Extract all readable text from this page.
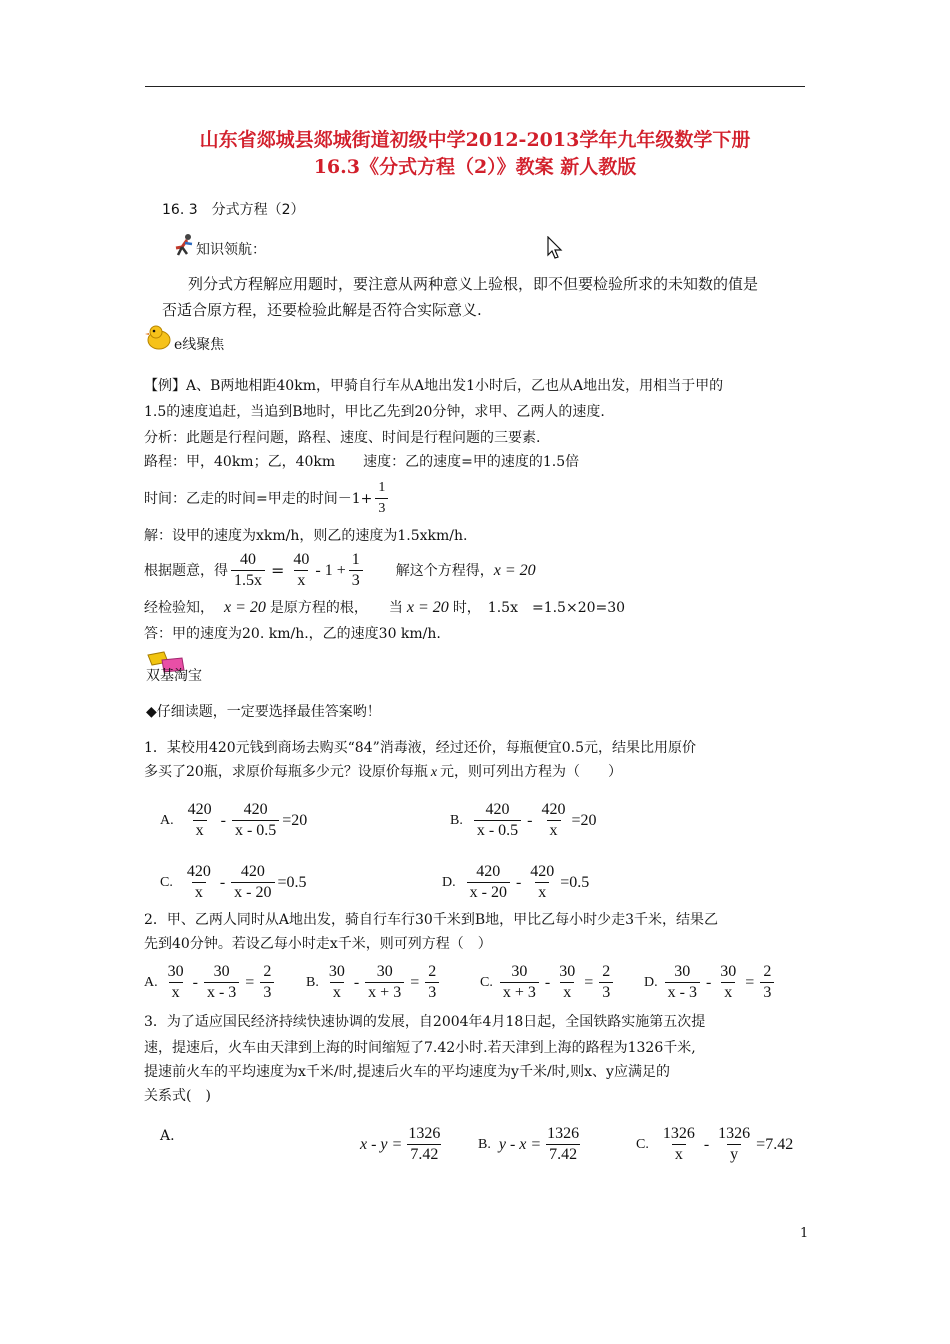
山东省郯城县郯城街道初级中学2012-2013学年九年级数学下册
16.3《分式方程（2）》教案 新人教版
16. 3　分式方程（2）
知识领航：
列分式方程解应用题时，要注意从两种意义上验根，即不但要检验所求的未知数的值是
否适合原方程，还要检验此解是否符合实际意义.
e线聚焦
【例】A、B两地相距40km，甲骑自行车从A地出发1小时后，乙也从A地出发，用相当于甲的
1.5的速度追赶，当追到B地时，甲比乙先到20分钟，求甲、乙两人的速度.
分析：此题是行程问题，路程、速度、时间是行程问题的三要素.
路程：甲，40km；乙，40km　　速度：乙的速度=甲的速度的1.5倍
时间：乙走的时间=甲走的时间$-1+ \frac{1}{3}$
解：设甲的速度为xkm/h，则乙的速度为1.5xkm/h.
根据题意，得 $\frac{40}{1.5x} = \frac{40}{x} - 1 + \frac{1}{3}$ 解这个方程得， x = 20
经检验知， x = 20 是原方程的根，　　当 x = 20 时，　1.5x　=1.5×20=30
答：甲的速度为20. km/h.，乙的速度30 km/h.
双基淘宝
◆仔细读题，一定要选择最佳答案哟！
1．某校用420元钱到商场去购买“84”消毒液，经过还价，每瓶便宜0.5元，结果比用原价
多买了20瓶，求原价每瓶多少元？设原价每瓶 x 元，则可列出方程为（　　）
A. $\frac{420}{x} - \frac{420}{x - 0.5} =20$	B. $\frac{420}{x - 0.5} - \frac{420}{x} =20$
C. $\frac{420}{x} - \frac{420}{x - 20} =0.5$	D. $\frac{420}{x - 20} - \frac{420}{x} =0.5$
2．甲、乙两人同时从A地出发，骑自行车行30千米到B地，甲比乙每小时少走3千米，结果乙
先到40分钟。若设乙每小时走x千米，则可列方程（　）
A. $\frac{30}{x} - \frac{30}{x - 3} = \frac{2}{3} B$. $\frac{30}{x} - \frac{30}{x + 3} = \frac{2}{3}$	C. $\frac{30}{x + 3} - \frac{30}{x} = \frac{2}{3} D$. $\frac{30}{x - 3} - \frac{30}{x} = \frac{2}{3}$
3．为了适应国民经济持续快速协调的发展，自2004年4月18日起，全国铁路实施第五次提
速，提速后，火车由天津到上海的时间缩短了7.42小时.若天津到上海的路程为1326千米,
提速前火车的平均速度为x千米/时,提速后火车的平均速度为y千米/时,则x、y应满足的
关系式(　)
A.	$x - y = \frac{1326}{7.42} B$. $y - x = \frac{1326}{7.42}$	C. $\frac{1326}{x} - \frac{1326}{y} =7.42$
1
